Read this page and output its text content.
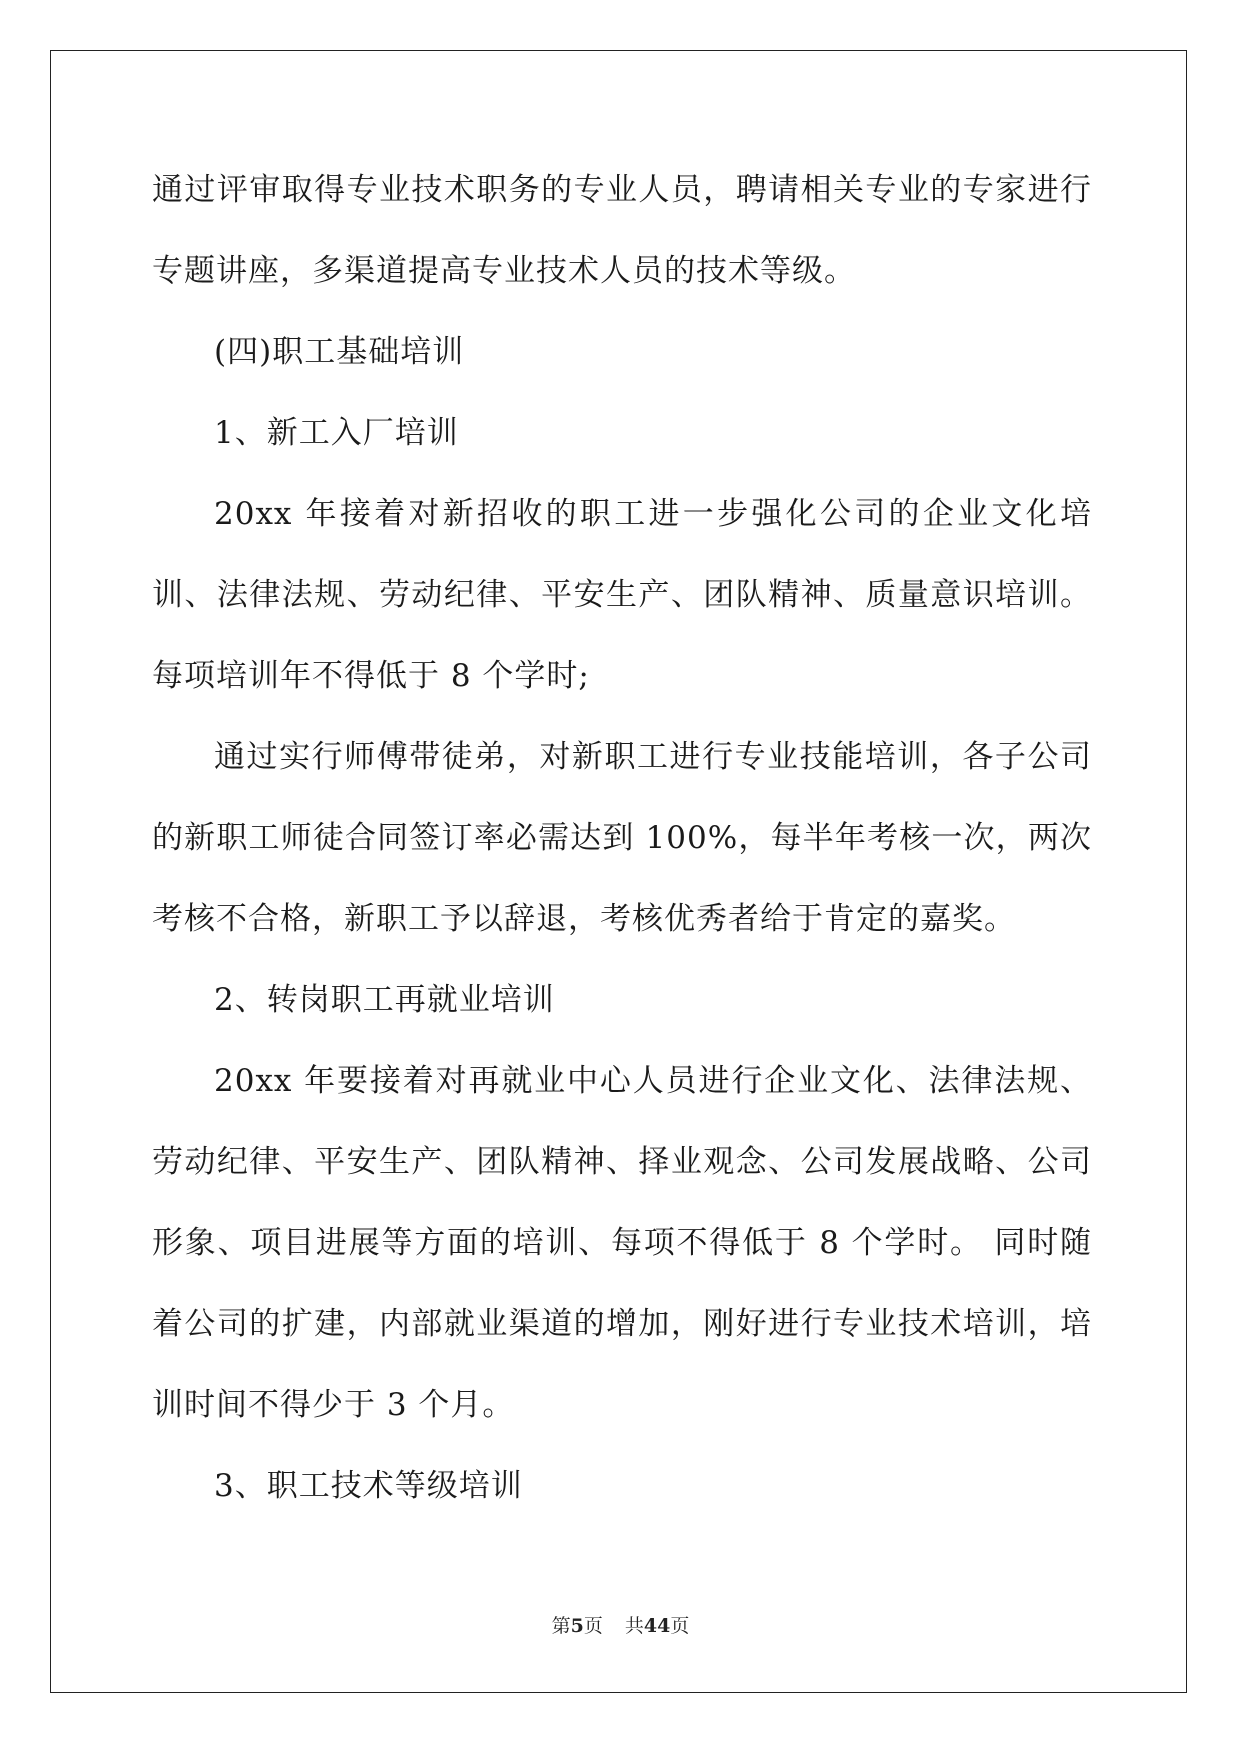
通过评审取得专业技术职务的专业人员，聘请相关专业的专家进行专题讲座，多渠道提高专业技术人员的技术等级。

(四)职工基础培训

1、新工入厂培训

20xx 年接着对新招收的职工进一步强化公司的企业文化培训、法律法规、劳动纪律、平安生产、团队精神、质量意识培训。每项培训年不得低于 8 个学时;

通过实行师傅带徒弟，对新职工进行专业技能培训，各子公司的新职工师徒合同签订率必需达到 100%，每半年考核一次，两次考核不合格，新职工予以辞退，考核优秀者给于肯定的嘉奖。

2、转岗职工再就业培训

20xx 年要接着对再就业中心人员进行企业文化、法律法规、劳动纪律、平安生产、团队精神、择业观念、公司发展战略、公司形象、项目进展等方面的培训、每项不得低于 8 个学时。 同时随着公司的扩建，内部就业渠道的增加，刚好进行专业技术培训，培训时间不得少于 3 个月。

3、职工技术等级培训

第5页 共44页
